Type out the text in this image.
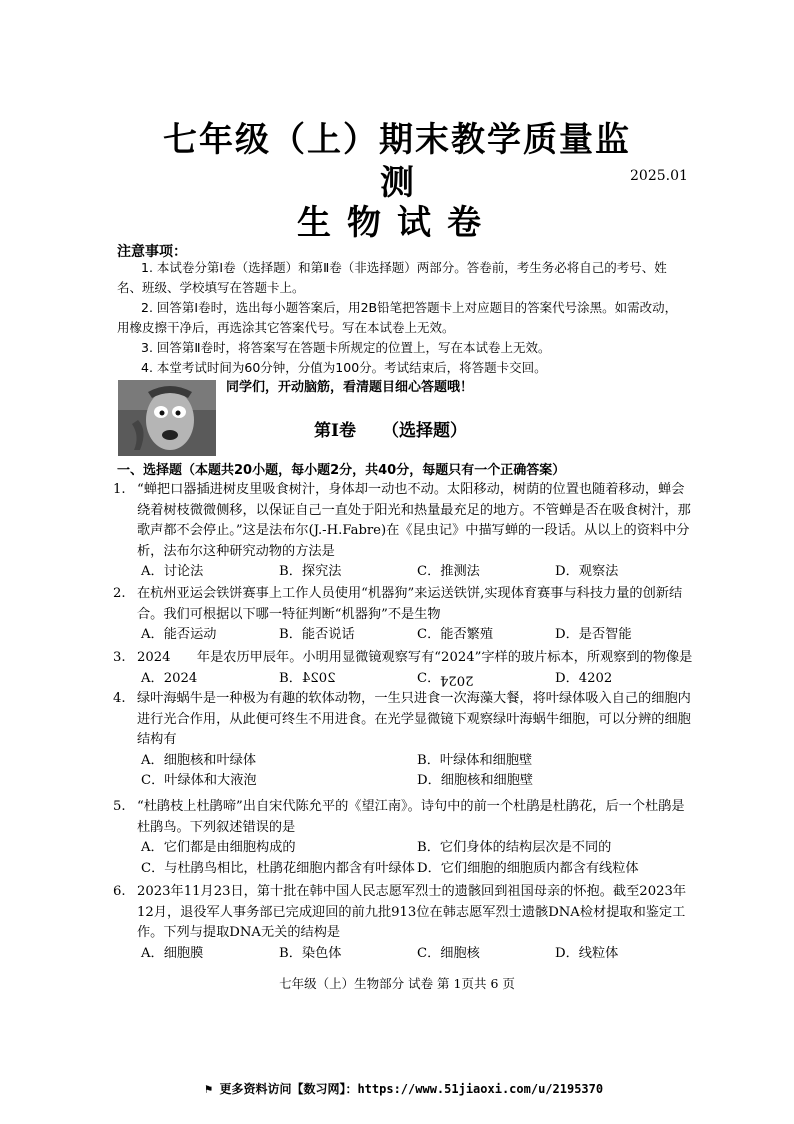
七年级（上）期末教学质量监
测	2025.01
生物试卷
注意事项：

1. 本试卷分第Ⅰ卷（选择题）和第Ⅱ卷（非选择题）两部分。答卷前，考生务必将自己的考号、姓名、班级、学校填写在答题卡上。

2. 回答第Ⅰ卷时，选出每小题答案后，用2B铅笔把答题卡上对应题目的答案代号涂黑。如需改动，用橡皮擦干净后，再选涂其它答案代号。写在本试卷上无效。

3. 回答第Ⅱ卷时，将答案写在答题卡所规定的位置上，写在本试卷上无效。

4. 本堂考试时间为60分钟，分值为100分。考试结束后，将答题卡交回。

同学们，开动脑筋，看清题目细心答题哦！
第Ⅰ卷 （选择题）
一、选择题（本题共20小题，每小题2分，共40分，每题只有一个正确答案）
1. “蝉把口器插进树皮里吸食树汁，身体却一动也不动。太阳移动，树荫的位置也随着移动，蝉会绕着树枝微微侧移，以保证自己一直处于阳光和热量最充足的地方。不管蝉是否在吸食树汁，那歌声都不会停止。”这是法布尔(J.-H.Fabre)在《昆虫记》中描写蝉的一段话。从以上的资料中分析，法布尔这种研究动物的方法是
A．讨论法	B．探究法	C．推测法	D．观察法
2. 在杭州亚运会铁饼赛事上工作人员使用“机器狗”来运送铁饼,实现体育赛事与科技力量的创新结合。我们可根据以下哪一特征判断“机器狗”不是生物
A．能否运动	B．能否说话	C．能否繁殖	D．是否智能
3. 2024　　年是农历甲辰年。小明用显微镜观察写有“2024”字样的玻片标本，所观察到的物像是
A．2024	B．2024	C．2024	D．4202
4. 绿叶海蜗牛是一种极为有趣的软体动物，一生只进食一次海藻大餐，将叶绿体吸入自己的细胞内进行光合作用，从此便可终生不用进食。在光学显微镜下观察绿叶海蜗牛细胞，可以分辨的细胞结构有
A．细胞核和叶绿体	B．叶绿体和细胞壁
C．叶绿体和大液泡	D．细胞核和细胞壁
5. “杜鹃枝上杜鹃啼”出自宋代陈允平的《望江南》。诗句中的前一个杜鹃是杜鹃花，后一个杜鹃是杜鹃鸟。下列叙述错误的是
A．它们都是由细胞构成的	B．它们身体的结构层次是不同的
C．与杜鹃鸟相比，杜鹃花细胞内都含有叶绿体 D．它们细胞的细胞质内都含有线粒体
6. 2023年11月23日，第十批在韩中国人民志愿军烈士的遗骸回到祖国母亲的怀抱。截至2023年12月，退役军人事务部已完成迎回的前九批913位在韩志愿军烈士遗骸DNA检材提取和鉴定工作。下列与提取DNA无关的结构是
A．细胞膜	B．染色体	C．细胞核	D．线粒体
七年级（上）生物部分 试卷 第 1页共 6 页
⚑ 更多资料访问【数习网】：https://www.51jiaoxi.com/u/2195370
